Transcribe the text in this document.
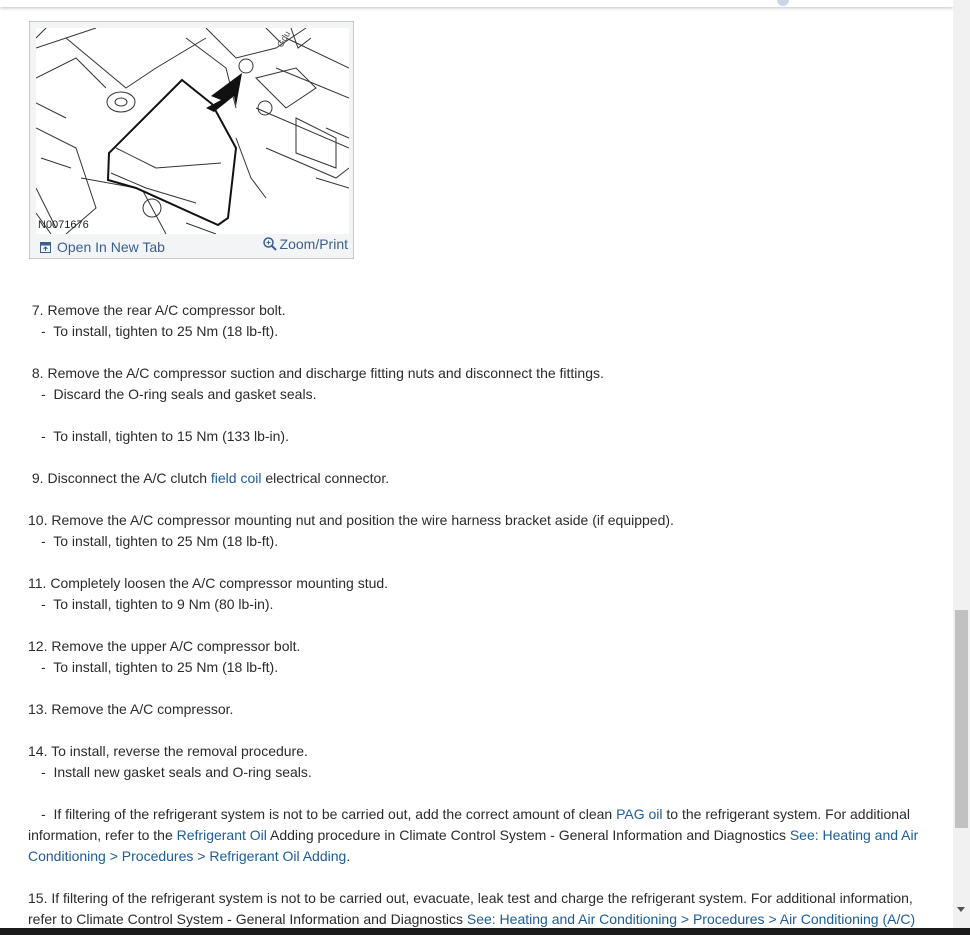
Gdu
N0071676
Open In New Tab	Zoom/Print
7. Remove the rear A/C compressor bolt.
-  To install, tighten to 25 Nm (18 lb-ft).
8. Remove the A/C compressor suction and discharge fitting nuts and disconnect the fittings.
-  Discard the O-ring seals and gasket seals.
-  To install, tighten to 15 Nm (133 lb-in).
9. Disconnect the A/C clutch field coil electrical connector.
10. Remove the A/C compressor mounting nut and position the wire harness bracket aside (if equipped).
-  To install, tighten to 25 Nm (18 lb-ft).
11. Completely loosen the A/C compressor mounting stud.
-  To install, tighten to 9 Nm (80 lb-in).
12. Remove the upper A/C compressor bolt.
-  To install, tighten to 25 Nm (18 lb-ft).
13. Remove the A/C compressor.
14. To install, reverse the removal procedure.
-  Install new gasket seals and O-ring seals.
-  If filtering of the refrigerant system is not to be carried out, add the correct amount of clean PAG oil to the refrigerant system. For additional information, refer to the Refrigerant Oil Adding procedure in Climate Control System - General Information and Diagnostics See: Heating and Air Conditioning > Procedures > Refrigerant Oil Adding.
15. If filtering of the refrigerant system is not to be carried out, evacuate, leak test and charge the refrigerant system. For additional information, refer to Climate Control System - General Information and Diagnostics See: Heating and Air Conditioning > Procedures > Air Conditioning (A/C)
